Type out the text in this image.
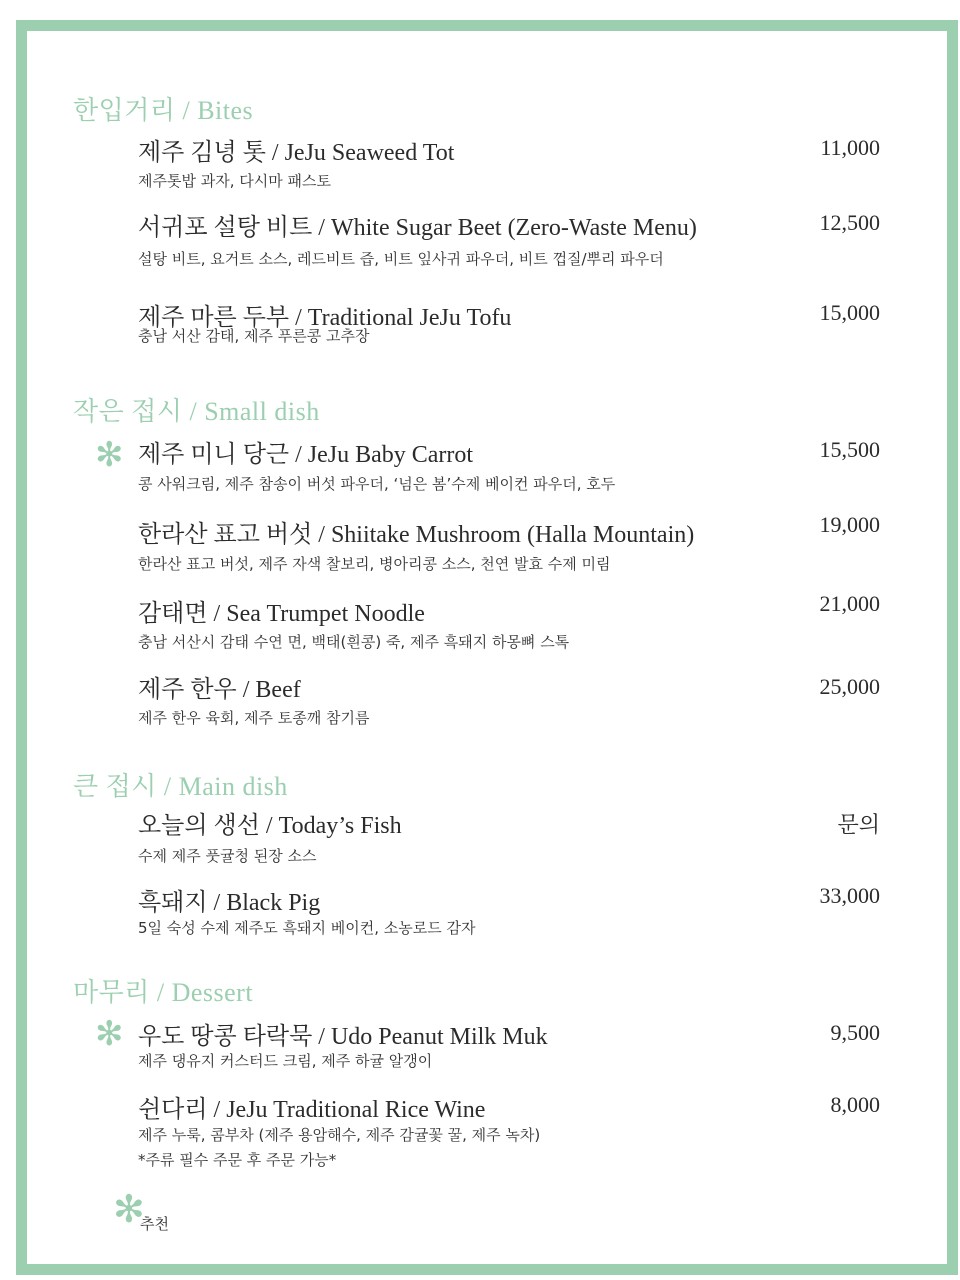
한입거리 / Bites
제주 김녕 톳 / JeJu Seaweed Tot	11,000
제주톳밥 과자, 다시마 패스토
서귀포 설탕 비트 / White Sugar Beet (Zero-Waste Menu)	12,500
설탕 비트, 요거트 소스, 레드비트 즙, 비트 잎사귀 파우더, 비트 껍질/뿌리 파우더
제주 마른 두부 / Traditional JeJu Tofu	15,000
충남 서산 감태, 제주 푸른콩 고추장
작은 접시 / Small dish
✻ 제주 미니 당근 / JeJu Baby Carrot	15,500
콩 사워크림, 제주 참송이 버섯 파우더, ‘넘은 봄’수제 베이컨 파우더, 호두
한라산 표고 버섯 / Shiitake Mushroom (Halla Mountain)	19,000
한라산 표고 버섯, 제주 자색 찰보리, 병아리콩 소스, 천연 발효 수제 미림
감태면 / Sea Trumpet Noodle	21,000
충남 서산시 감태 수연 면, 백태(흰콩) 죽, 제주 흑돼지 하몽뼈 스톡
제주 한우 / Beef	25,000
제주 한우 육회, 제주 토종깨 참기름
큰 접시 / Main dish
오늘의 생선 / Today’s Fish	문의
수제 제주 풋귤청 된장 소스
흑돼지 / Black Pig	33,000
5일 숙성 수제 제주도 흑돼지 베이컨, 소농로드 감자
마무리 / Dessert
✻ 우도 땅콩 타락묵 / Udo Peanut Milk Muk	9,500
제주 댕유지 커스터드 크림, 제주 하귤 알갱이
쉰다리 / JeJu Traditional Rice Wine	8,000
제주 누룩, 콤부차 (제주 용암해수, 제주 감귤꽃 꿀, 제주 녹차)
*주류 필수 주문 후 주문 가능*
✻
추천
